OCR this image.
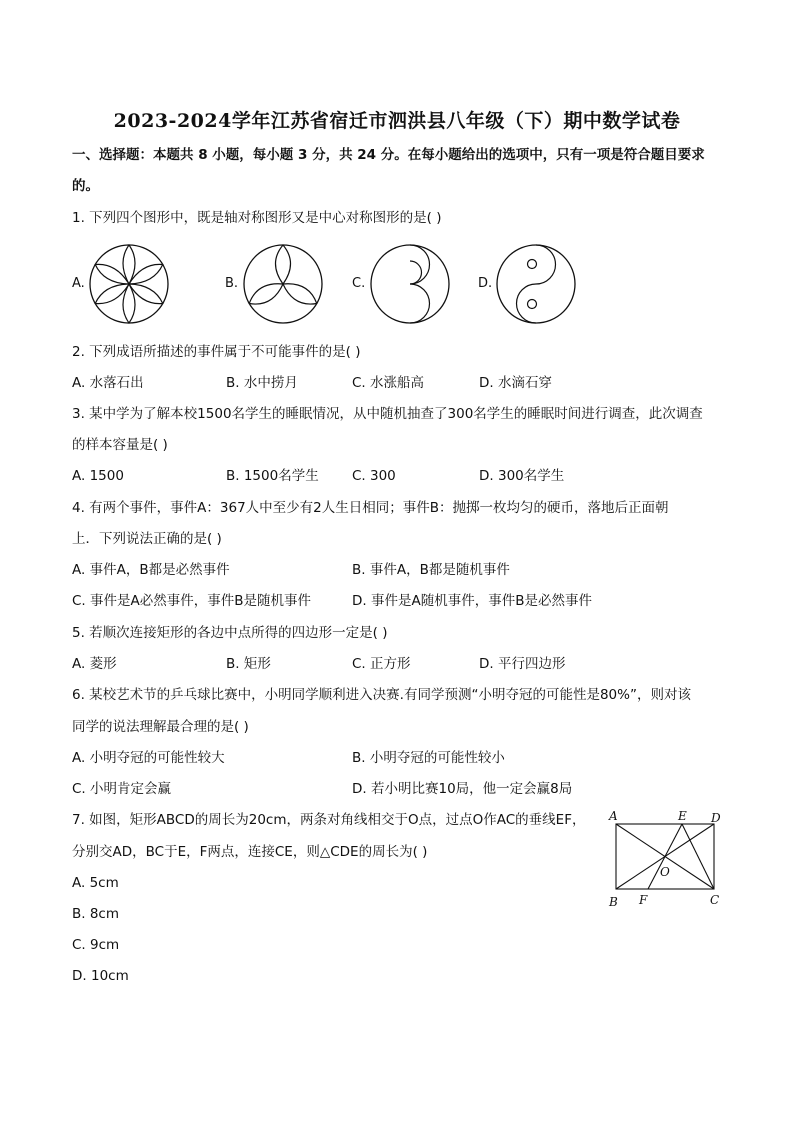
2023-2024学年江苏省宿迁市泗洪县八年级（下）期中数学试卷
一、选择题：本题共 8 小题，每小题 3 分，共 24 分。在每小题给出的选项中，只有一项是符合题目要求
的。
1. 下列四个图形中，既是轴对称图形又是中心对称图形的是( )
A.	B.	C.	D.
2. 下列成语所描述的事件属于不可能事件的是( )
A. 水落石出	B. 水中捞月	C. 水涨船高	D. 水滴石穿
3. 某中学为了解本校1500名学生的睡眠情况，从中随机抽查了300名学生的睡眠时间进行调查，此次调查
的样本容量是( )
A. 1500	B. 1500名学生 C. 300	D. 300名学生
4. 有两个事件，事件A：367人中至少有2人生日相同；事件B：抛掷一枚均匀的硬币，落地后正面朝
上．下列说法正确的是( )
A. 事件A，B都是必然事件	B. 事件A，B都是随机事件
C. 事件是A必然事件，事件B是随机事件	D. 事件是A随机事件，事件B是必然事件
5. 若顺次连接矩形的各边中点所得的四边形一定是( )
A. 菱形	B. 矩形	C. 正方形	D. 平行四边形
6. 某校艺术节的乒乓球比赛中，小明同学顺利进入决赛.有同学预测“小明夺冠的可能性是80%”，则对该
同学的说法理解最合理的是( )
A. 小明夺冠的可能性较大	B. 小明夺冠的可能性较小
C. 小明肯定会赢	D. 若小明比赛10局，他一定会赢8局
7. 如图，矩形ABCD的周长为20cm，两条对角线相交于O点，过点O作AC的垂线EF，
分别交AD，BC于E，F两点，连接CE，则△CDE的周长为( )
A. 5cm
B. 8cm
C. 9cm
D. 10cm
A	E D
O
B F	C
